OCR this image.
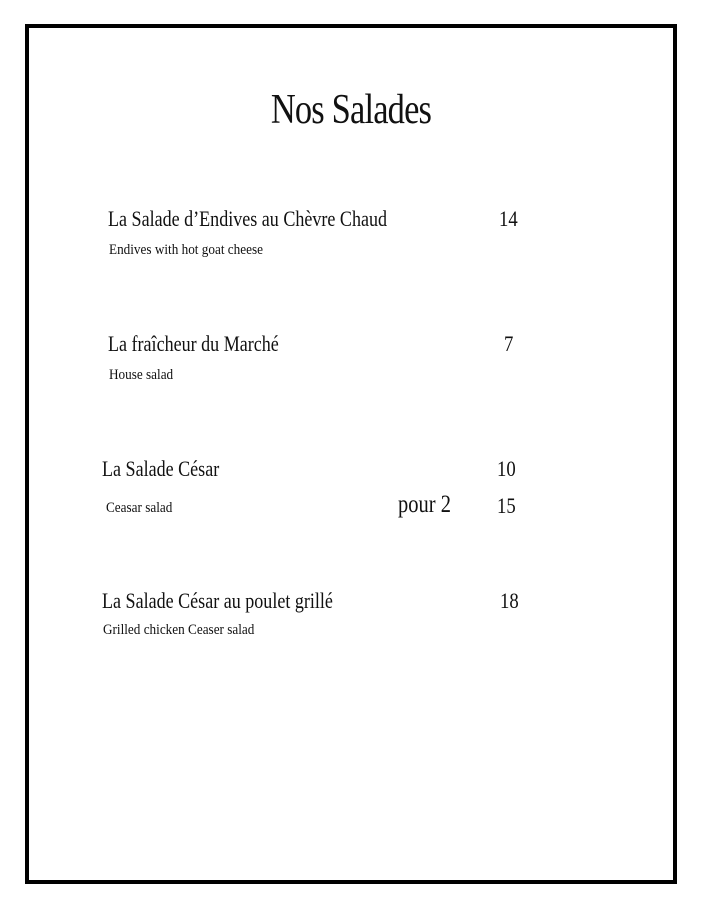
Nos Salades
La Salade d’Endives au Chèvre Chaud
Endives with hot goat cheese
14
La fraîcheur du Marché
House salad
7
La Salade César
Ceasar salad
10
pour 2 15
La Salade César au poulet grillé
Grilled chicken Ceaser salad
18
